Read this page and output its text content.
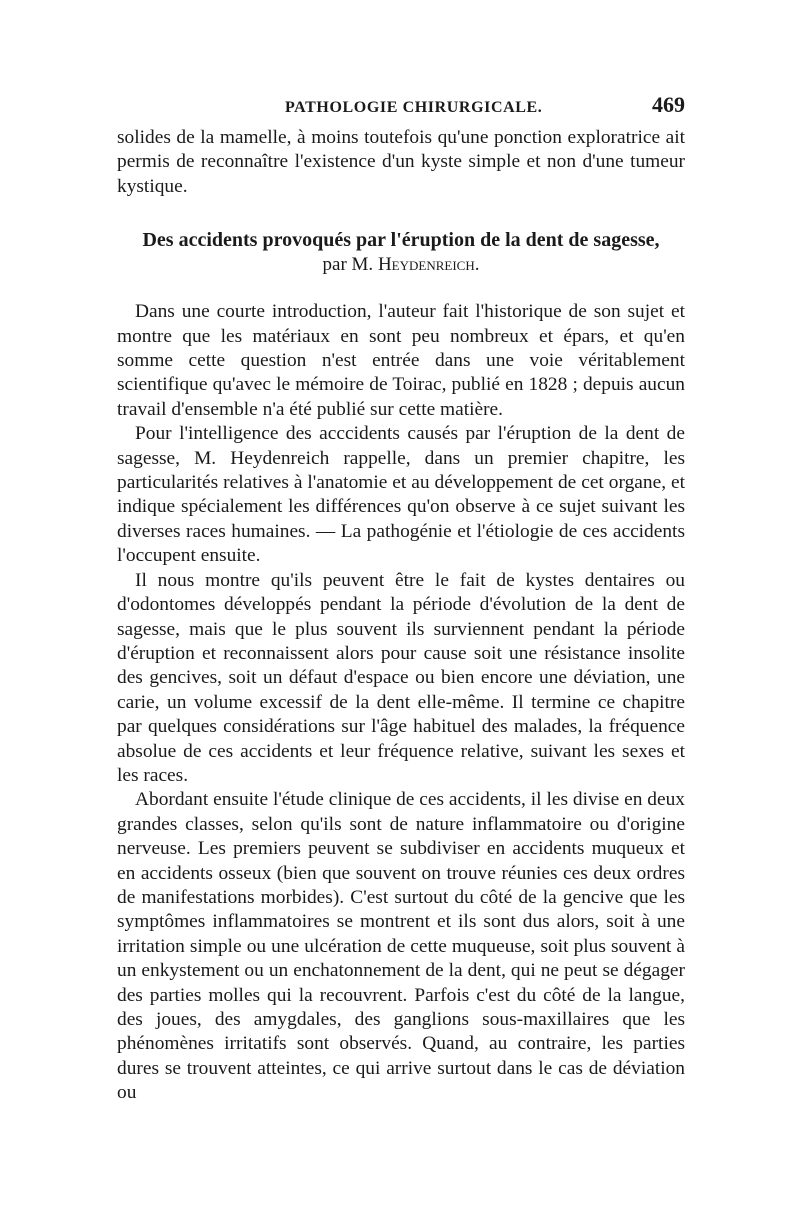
PATHOLOGIE CHIRURGICALE.	469

solides de la mamelle, à moins toutefois qu'une ponction exploratrice ait permis de reconnaître l'existence d'un kyste simple et non d'une tumeur kystique.

Des accidents provoqués par l'éruption de la dent de sagesse,
par M. Heydenreich.

Dans une courte introduction, l'auteur fait l'historique de son sujet et montre que les matériaux en sont peu nombreux et épars, et qu'en somme cette question n'est entrée dans une voie véritablement scientifique qu'avec le mémoire de Toirac, publié en 1828 ; depuis aucun travail d'ensemble n'a été publié sur cette matière.

Pour l'intelligence des acccidents causés par l'éruption de la dent de sagesse, M. Heydenreich rappelle, dans un premier chapitre, les particularités relatives à l'anatomie et au développement de cet organe, et indique spécialement les différences qu'on observe à ce sujet suivant les diverses races humaines. — La pathogénie et l'étiologie de ces accidents l'occupent ensuite.

Il nous montre qu'ils peuvent être le fait de kystes dentaires ou d'odontomes développés pendant la période d'évolution de la dent de sagesse, mais que le plus souvent ils surviennent pendant la période d'éruption et reconnaissent alors pour cause soit une résistance insolite des gencives, soit un défaut d'espace ou bien encore une déviation, une carie, un volume excessif de la dent elle-même. Il termine ce chapitre par quelques considérations sur l'âge habituel des malades, la fréquence absolue de ces accidents et leur fréquence relative, suivant les sexes et les races.

Abordant ensuite l'étude clinique de ces accidents, il les divise en deux grandes classes, selon qu'ils sont de nature inflammatoire ou d'origine nerveuse. Les premiers peuvent se subdiviser en accidents muqueux et en accidents osseux (bien que souvent on trouve réunies ces deux ordres de manifestations morbides). C'est surtout du côté de la gencive que les symptômes inflammatoires se montrent et ils sont dus alors, soit à une irritation simple ou une ulcération de cette muqueuse, soit plus souvent à un enkystement ou un enchatonnement de la dent, qui ne peut se dégager des parties molles qui la recouvrent. Parfois c'est du côté de la langue, des joues, des amygdales, des ganglions sous-maxillaires que les phénomènes irritatifs sont observés. Quand, au contraire, les parties dures se trouvent atteintes, ce qui arrive surtout dans le cas de déviation ou
